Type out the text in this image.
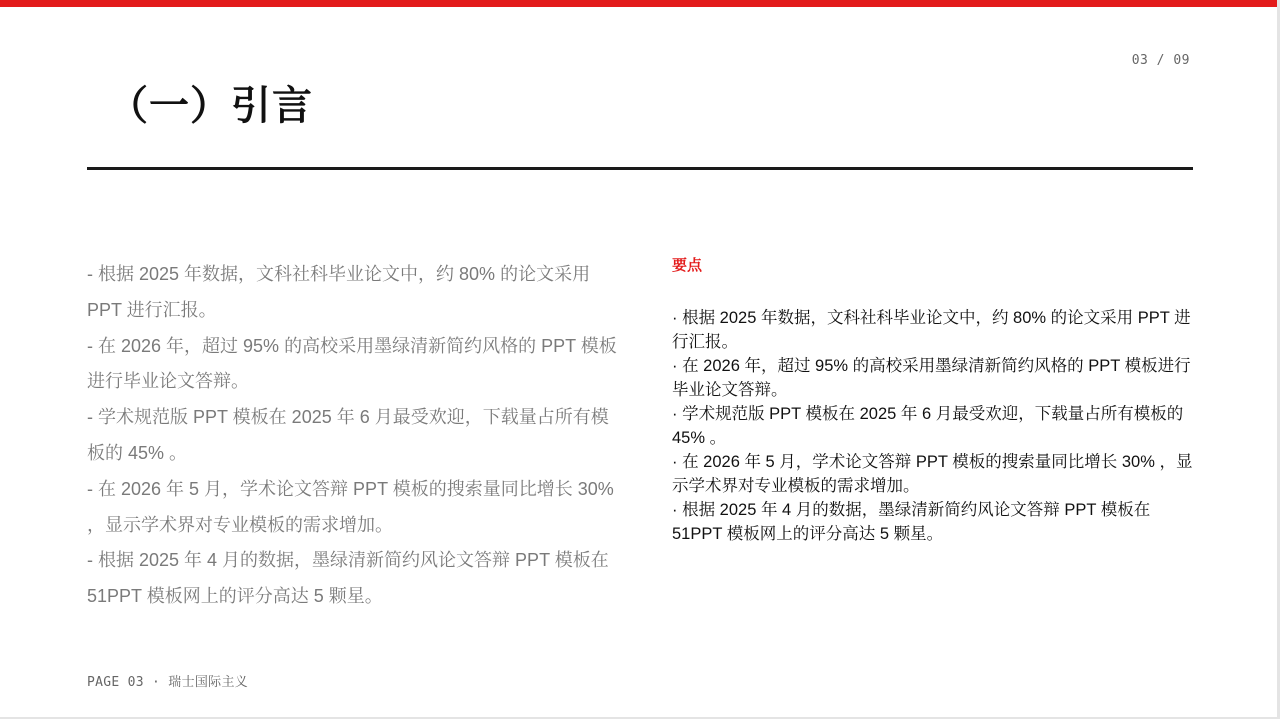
03 / 09
（一）引言

- 根据 2025 年数据，文科社科毕业论文中，约 80% 的论文采用 PPT 进行汇报。

- 在 2026 年，超过 95% 的高校采用墨绿清新简约风格的 PPT 模板进行毕业论文答辩。

- 学术规范版 PPT 模板在 2025 年 6 月最受欢迎，下载量占所有模板的 45% 。

- 在 2026 年 5 月，学术论文答辩 PPT 模板的搜索量同比增长 30% ，显示学术界对专业模板的需求增加。

- 根据 2025 年 4 月的数据，墨绿清新简约风论文答辩 PPT 模板在 51PPT 模板网上的评分高达 5 颗星。

要点
· 根据 2025 年数据，文科社科毕业论文中，约 80% 的论文采用 PPT 进行汇报。
· 在 2026 年，超过 95% 的高校采用墨绿清新简约风格的 PPT 模板进行毕业论文答辩。
· 学术规范版 PPT 模板在 2025 年 6 月最受欢迎，下载量占所有模板的 45% 。
· 在 2026 年 5 月，学术论文答辩 PPT 模板的搜索量同比增长 30% ，显示学术界对专业模板的需求增加。
· 根据 2025 年 4 月的数据，墨绿清新简约风论文答辩 PPT 模板在 51PPT 模板网上的评分高达 5 颗星。
PAGE 03 · 瑞士国际主义
